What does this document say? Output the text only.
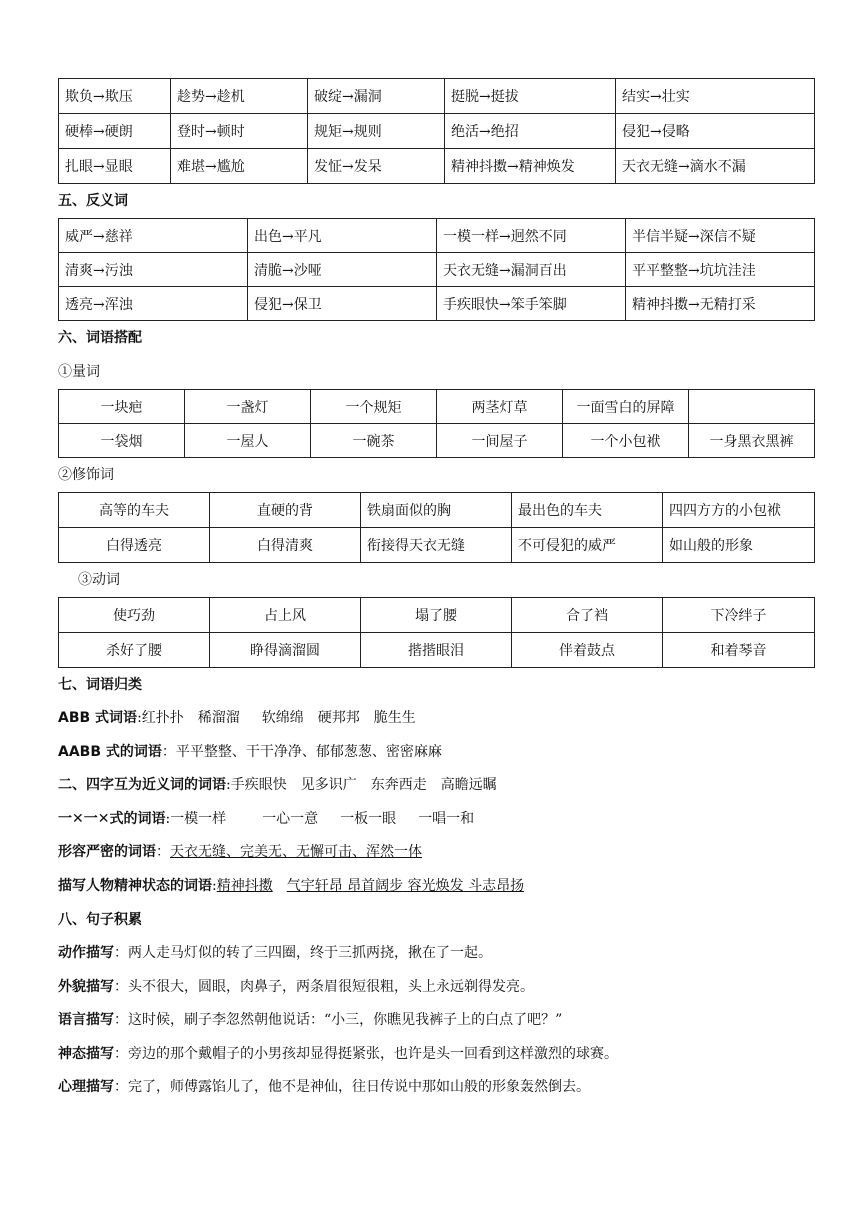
欺负→欺压	趁势→趁机	破绽→漏洞	挺脱→挺拔	结实→壮实
硬棒→硬朗	登时→顿时	规矩→规则	绝活→绝招	侵犯→侵略
扎眼→显眼	难堪→尴尬	发怔→发呆	精神抖擞→精神焕发	天衣无缝→滴水不漏
五、反义词
威严→慈祥	出色→平凡	一模一样→迥然不同	半信半疑→深信不疑
清爽→污浊	清脆→沙哑	天衣无缝→漏洞百出	平平整整→坑坑洼洼
透亮→浑浊	侵犯→保卫	手疾眼快→笨手笨脚	精神抖擞→无精打采
六、词语搭配
①量词
一块疤	一盏灯	一个规矩	两茎灯草	一面雪白的屏障	
一袋烟	一屋人	一碗茶	一间屋子	一个小包袱	一身黑衣黑裤
②修饰词
高等的车夫	直硬的背	铁扇面似的胸	最出色的车夫	四四方方的小包袱
白得透亮	白得清爽	衔接得天衣无缝	不可侵犯的威严	如山般的形象
③动词
使巧劲	占上风	塌了腰	合了裆	下冷绊子
杀好了腰	睁得滴溜圆	揩揩眼泪	伴着鼓点	和着琴音
七、词语归类
ABB 式词语:红扑扑 稀溜溜 软绵绵 硬邦邦 脆生生
AABB 式的词语：平平整整、干干净净、郁郁葱葱、密密麻麻
二、四字互为近义词的词语:手疾眼快 见多识广 东奔西走 高瞻远瞩
一✕一✕式的词语:一模一样	一心一意 一板一眼 一唱一和
形容严密的词语：天衣无缝、完美无、无懈可击、浑然一体
描写人物精神状态的词语:精神抖擞 气宇轩昂 昂首阔步 容光焕发 斗志昂扬
八、句子积累
动作描写：两人走马灯似的转了三四圈，终于三抓两挠，揪在了一起。
外貌描写：头不很大，圆眼，肉鼻子，两条眉很短很粗，头上永远剃得发亮。
语言描写：这时候，刷子李忽然朝他说话：“小三，你瞧见我裤子上的白点了吧？”
神态描写：旁边的那个戴帽子的小男孩却显得挺紧张，也许是头一回看到这样激烈的球赛。
心理描写：完了，师傅露馅儿了，他不是神仙，往日传说中那如山般的形象轰然倒去。
